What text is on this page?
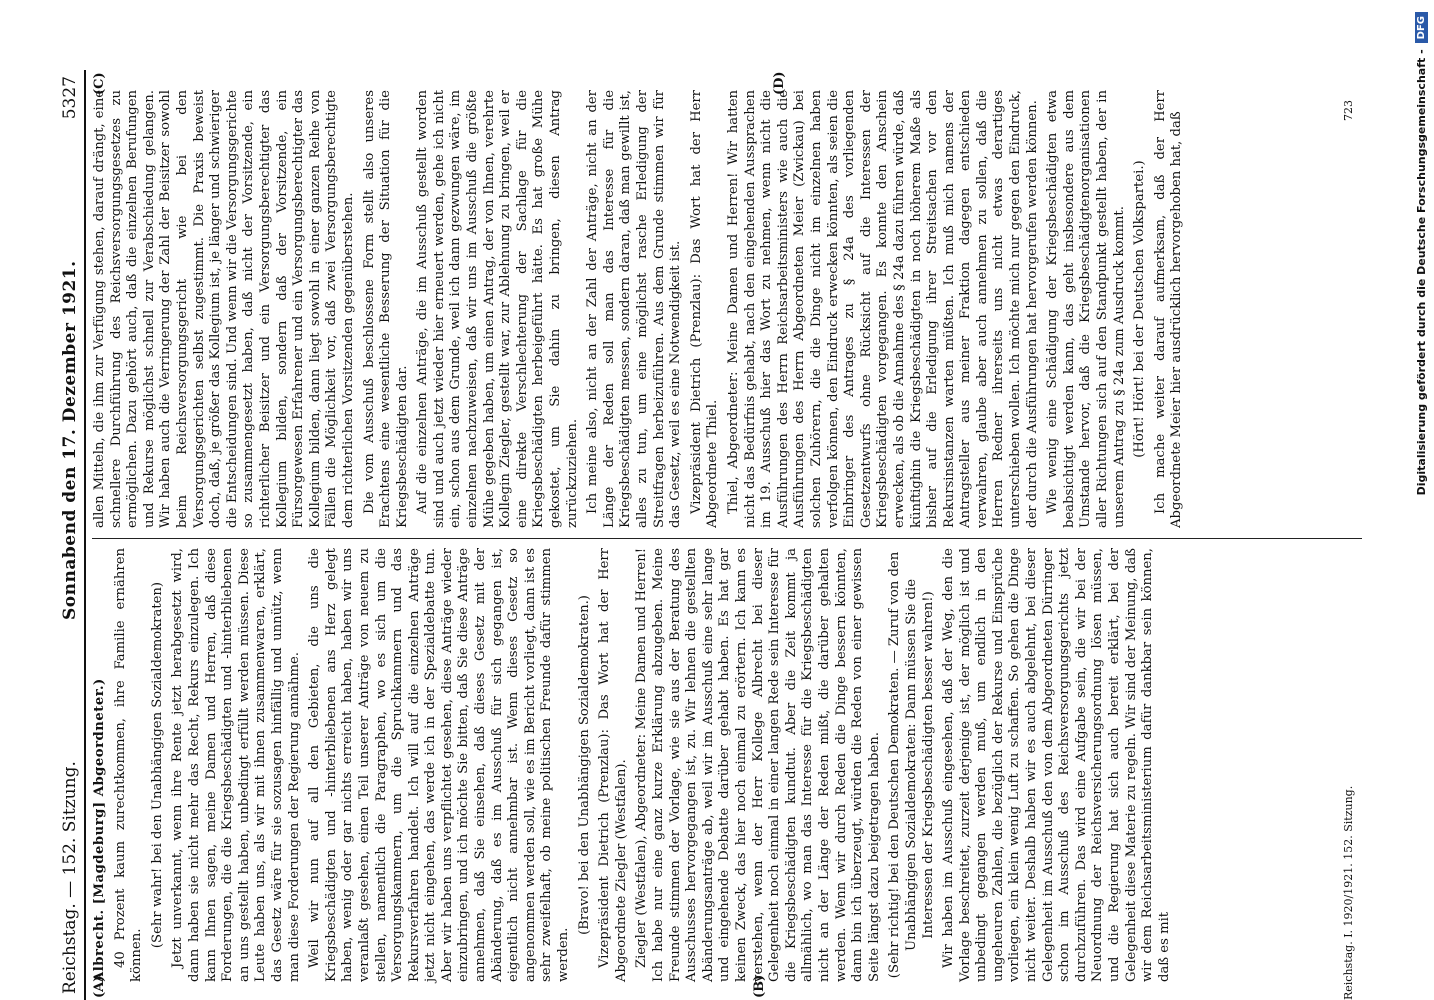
Reichstag. — 152. Sitzung.
Sonnabend den 17. Dezember 1921.
5327

Albrecht. [Magdeburg] Abgeordneter.) 40 Prozent kaum zurechtkommen, ihre Familie ernähren können.

(Sehr wahr! bei den Unabhängigen Sozialdemokraten) Jetzt unverkannt, wenn ihre Rente jetzt herabgesetzt wird, dann haben sie nicht mehr das Recht, Rekurs einzulegen. Ich kann Ihnen sagen, meine Damen und Herren, daß diese Forderungen, die die Kriegsbeschädigten und -hinterbliebenen an uns gestellt haben, unbedingt erfüllt werden müssen. Diese Leute haben uns, als wir mit ihnen zusammenwaren, erklärt, das Gesetz wäre für sie sozusagen hinfällig und unnütz, wenn man diese Forderungen der Regierung annähme. Weil wir nun auf all den Gebieten, die uns die Kriegsbeschädigten und -hinterbliebenen ans Herz gelegt haben, wenig oder gar nichts erreicht haben, haben wir uns veranlaßt gesehen, einen Teil unserer Anträge von neuem zu stellen, namentlich die Paragraphen, wo es sich um die Versorgungskammern, um die Spruchkammern und das Rekursverfahren handelt. Ich will auf die einzelnen Anträge jetzt nicht eingehen, das werde ich in der Spezialdebatte tun. Aber wir haben uns verpflichtet gesehen, diese Anträge wieder einzubringen, und ich möchte Sie bitten, daß Sie diese Anträge annehmen, daß Sie einsehen, daß dieses Gesetz mit der Abänderung, daß es im Ausschuß für sich gegangen ist, eigentlich nicht annehmbar ist. Wenn dieses Gesetz so angenommen werden soll, wie es im Bericht vorliegt, dann ist es sehr zweifelhaft, ob meine politischen Freunde dafür stimmen werden.

(Bravo! bei den Unabhängigen Sozialdemokraten.) Vizepräsident Dietrich (Prenzlau): Das Wort hat der Herr Abgeordnete Ziegler (Westfalen). Ziegler (Westfalen), Abgeordneter: Meine Damen und Herren! Ich habe nur eine ganz kurze Erklärung abzugeben. Meine Freunde stimmen der Vorlage, wie sie aus der Beratung des Ausschusses hervorgegangen ist, zu. Wir lehnen die gestellten Abänderungsanträge ab, weil wir im Ausschuß eine sehr lange und eingehende Debatte darüber gehabt haben. Es hat gar keinen Zweck, das hier noch einmal zu erörtern. Ich kann es verstehen, wenn der Herr Kollege Albrecht bei dieser Gelegenheit noch einmal in einer langen Rede sein Interesse für die Kriegsbeschädigten kundtut. Aber die Zeit kommt ja allmählich, wo man das Interesse für die Kriegsbeschädigten nicht an der Länge der Reden mißt, die darüber gehalten werden. Wenn wir durch Reden die Dinge bessern könnten, dann bin ich überzeugt, würden die Reden von einer gewissen Seite längst dazu beigetragen haben. (Sehr richtig! bei den Deutschen Demokraten. — Zuruf von den Unabhängigen Sozialdemokraten: Dann müssen Sie die Interessen der Kriegsbeschädigten besser wahren!) Wir haben im Ausschuß eingesehen, daß der Weg, den die Vorlage beschreitet, zurzeit derjenige ist, der möglich ist und unbedingt gegangen werden muß, um endlich in den ungeheuren Zahlen, die bezüglich der Rekurse und Einsprüche vorliegen, ein klein wenig Luft zu schaffen. So gehen die Dinge nicht weiter. Deshalb haben wir es auch abgelehnt, bei dieser Gelegenheit im Ausschuß den von dem Abgeordneten Dürringer schon im Ausschuß des Reichsversorgungsgerichts jetzt durchzuführen. Das wird eine Aufgabe sein, die wir bei der Neuordnung der Reichsversicherungsordnung lösen müssen, und die Regierung hat sich auch bereit erklärt, bei der Gelegenheit diese Materie zu regeln. Wir sind der Meinung, daß wir dem Reichsarbeitsministerium dafür dankbar sein können, daß es mit	Reichstag. I. 1920/1921. 152. Sitzung.

allen Mitteln, die ihm zur Verfügung stehen, darauf drängt, eine schnellere Durchführung des Reichsversorgungsgesetzes zu ermöglichen. Dazu gehört auch, daß die einzelnen Berufungen und Rekurse möglichst schnell zur Verabschiedung gelangen. Wir haben auch die Verringerung der Zahl der Beisitzer sowohl beim Reichsversorgungsgericht wie bei den Versorgungsgerichten selbst zugestimmt. Die Praxis beweist doch, daß, je größer das Kollegium ist, je länger und schwieriger die Entscheidungen sind. Und wenn wir die Versorgungsgerichte so zusammengesetzt haben, daß nicht der Vorsitzende, ein richterlicher Beisitzer und ein Versorgungsberechtigter das Kollegium bilden, sondern daß der Vorsitzende, ein Fürsorgewesen Erfahrener und ein Versorgungsberechtigter das Kollegium bilden, dann liegt sowohl in einer ganzen Reihe von Fällen die Möglichkeit vor, daß zwei Versorgungsberechtigte dem richterlichen Vorsitzenden gegenüberstehen. Die vom Ausschuß beschlossene Form stellt also unseres Erachtens eine wesentliche Besserung der Situation für die Kriegsbeschädigten dar. Auf die einzelnen Anträge, die im Ausschuß gestellt worden sind und auch jetzt wieder hier erneuert werden, gehe ich nicht ein, schon aus dem Grunde, weil ich dann gezwungen wäre, im einzelnen nachzuweisen, daß wir uns im Ausschuß die größte Mühe gegeben haben, um einen Antrag, der von Ihnen, verehrte Kollegin Ziegler, gestellt war, zur Ablehnung zu bringen, weil er eine direkte Verschlechterung der Sachlage für die Kriegsbeschädigten herbeigeführt hätte. Es hat große Mühe gekostet, um Sie dahin zu bringen, diesen Antrag zurückzuziehen. Ich meine also, nicht an der Zahl der Anträge, nicht an der Länge der Reden soll man das Interesse für die Kriegsbeschädigten messen, sondern daran, daß man gewillt ist, alles zu tun, um eine möglichst rasche Erledigung der Streitfragen herbeizuführen. Aus dem Grunde stimmen wir für das Gesetz, weil es eine Notwendigkeit ist. Vizepräsident Dietrich (Prenzlau): Das Wort hat der Herr Abgeordnete Thiel. Thiel, Abgeordneter: Meine Damen und Herren! Wir hatten nicht das Bedürfnis gehabt, nach den eingehenden Aussprachen im 19. Ausschuß hier das Wort zu nehmen, wenn nicht die Ausführungen des Herrn Reichsarbeitsministers wie auch die Ausführungen des Herrn Abgeordneten Meier (Zwickau) bei solchen Zuhörern, die die Dinge nicht im einzelnen haben verfolgen können, den Eindruck erwecken könnten, als seien die Einbringer des Antrages zu § 24a des vorliegenden Gesetzentwurfs ohne Rücksicht auf die Interessen der Kriegsbeschädigten vorgegangen. Es konnte den Anschein erwecken, als ob die Annahme des § 24a dazu führen würde, daß künftighin die Kriegsbeschädigten in noch höherem Maße als bisher auf die Erledigung ihrer Streitsachen vor den Rekursinstanzen warten müßten. Ich muß mich namens der Antragsteller aus meiner Fraktion dagegen entschieden verwahren, glaube aber auch annehmen zu sollen, daß die Herren Redner ihrerseits uns nicht etwas derartiges unterschieben wollen. Ich möchte mich nur gegen den Eindruck, der durch die Ausführungen hat hervorgerufen werden können. Wie wenig eine Schädigung der Kriegsbeschädigten etwa beabsichtigt werden kann, das geht insbesondere aus dem Umstande hervor, daß die Kriegsbeschädigtenorganisationen aller Richtungen sich auf den Standpunkt gestellt haben, der in unserem Antrag zu § 24a zum Ausdruck kommt. (Hört! Hört! bei der Deutschen Volkspartei.) Ich mache weiter darauf aufmerksam, daß der Herr Abgeordnete Meier hier ausdrücklich hervorgehoben hat, daß

723
(A)	(B)
(C)	(D)	Digitalisierung gefördert durch die Deutsche Forschungsgemeinschaft -
DFG
